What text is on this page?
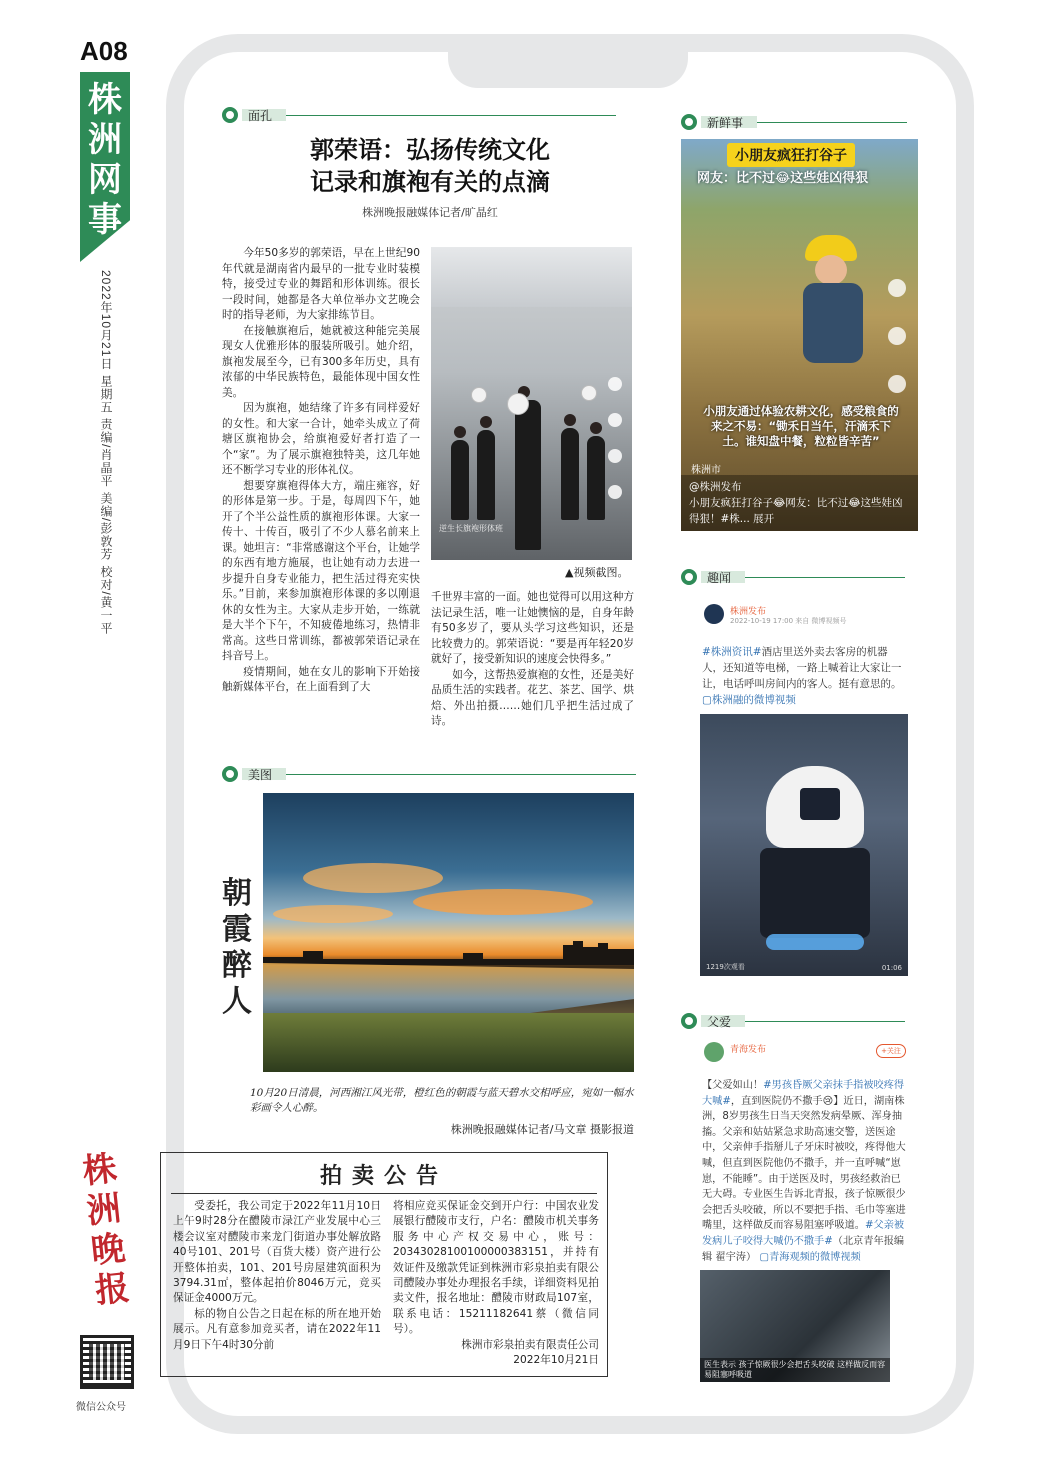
A08
株洲网事
2022年10月21日 星期五 责编/肖晶平 美编/彭敦芳 校对/黄一平
株洲晚报
微信公众号
面孔
郭荣语：弘扬传统文化
记录和旗袍有关的点滴
株洲晚报融媒体记者/旷晶红

今年50多岁的郭荣语，早在上世纪90年代就是湖南省内最早的一批专业时装模特，接受过专业的舞蹈和形体训练。很长一段时间，她都是各大单位举办文艺晚会时的指导老师，为大家排练节目。

在接触旗袍后，她就被这种能完美展现女人优雅形体的服装所吸引。她介绍，旗袍发展至今，已有300多年历史，具有浓郁的中华民族特色，最能体现中国女性美。

因为旗袍，她结缘了许多有同样爱好的女性。和大家一合计，她牵头成立了荷塘区旗袍协会，给旗袍爱好者打造了一个“家”。为了展示旗袍独特美，这几年她还不断学习专业的形体礼仪。

想要穿旗袍得体大方，端庄雍容，好的形体是第一步。于是，每周四下午，她开了个半公益性质的旗袍形体课。大家一传十、十传百，吸引了不少人慕名前来上课。她坦言：“非常感谢这个平台，让她学的东西有地方施展，也让她有动力去进一步提升自身专业能力，把生活过得充实快乐。”目前，来参加旗袍形体课的多以刚退休的女性为主。大家从走步开始，一练就是大半个下午，不知疲倦地练习，热情非常高。这些日常训练，都被郭荣语记录在抖音号上。

疫情期间，她在女儿的影响下开始接触新媒体平台，在上面看到了大

逆生长旗袍形体班
▲视频截图。
千世界丰富的一面。她也觉得可以用这种方法记录生活，唯一让她懊恼的是，自身年龄有50多岁了，要从头学习这些知识，还是比较费力的。郭荣语说：“要是再年轻20岁就好了，接受新知识的速度会快得多。”

如今，这帮热爱旗袍的女性，还是美好品质生活的实践者。花艺、茶艺、国学、烘焙、外出拍摄……她们几乎把生活过成了诗。

美图
朝霞醉人
10月20日清晨，河西湘江风光带，橙红色的朝霞与蓝天碧水交相呼应，宛如一幅水彩画令人心醉。
株洲晚报融媒体记者/马文章 摄影报道
拍卖公告

受委托，我公司定于2022年11月10日上午9时28分在醴陵市渌江产业发展中心三楼会议室对醴陵市来龙门街道办事处解放路40号101、201号（百货大楼）资产进行公开整体拍卖，101、201号房屋建筑面积为3794.31㎡，整体起拍价8046万元，竞买保证金4000万元。

标的物自公告之日起在标的所在地开始展示。凡有意参加竞买者，请在2022年11月9日下午4时30分前

将相应竞买保证金交到开户行：中国农业发展银行醴陵市支行，户名：醴陵市机关事务服务中心产权交易中心，账号：20343028100100000383151，并持有效证件及缴款凭证到株洲市彩泉拍卖有限公司醴陵办事处办理报名手续，详细资料见拍卖文件，报名地址：醴陵市财政局107室，联系电话：15211182641蔡（微信同号）。
株洲市彩泉拍卖有限责任公司
2022年10月21日
新鲜事
小朋友疯狂打谷子
网友：比不过😂这些娃凶得狠
小朋友通过体验农耕文化，感受粮食的来之不易：“锄禾日当午，汗滴禾下土。谁知盘中餐，粒粒皆辛苦”
株洲市
@株洲发布
小朋友疯狂打谷子😂网友：比不过😂这些娃凶得狠！#株... 展开
趣闻
株洲发布
2022-10-19 17:00 来自 微博视频号
#株洲资讯#酒店里送外卖去客房的机器人，还知道等电梯，一路上喊着让大家让一让，电话呼叫房间内的客人。挺有意思的。 ▢株洲融的微博视频
1219次观看	01:06
父爱
青海发布	+关注
【父爱如山！#男孩昏厥父亲抹手指被咬疼得大喊#，直到医院仍不撒手😢】近日，湖南株洲，8岁男孩生日当天突然发病晕厥、浑身抽搐。父亲和姑姑紧急求助高速交警，送医途中，父亲伸手指掰儿子牙床时被咬，疼得他大喊，但直到医院他仍不撒手，并一直呼喊“崽崽，不能睡”。由于送医及时，男孩经救治已无大碍。专业医生告诉北青报，孩子惊厥很少会把舌头咬破，所以不要把手指、毛巾等塞进嘴里，这样做反而容易阻塞呼吸道。#父亲被发病儿子咬得大喊仍不撒手#（北京青年报编辑 翟宇涛） ▢青海观频的微博视频
医生表示 孩子惊厥很少会把舌头咬破 这样做反而容易阻塞呼吸道
